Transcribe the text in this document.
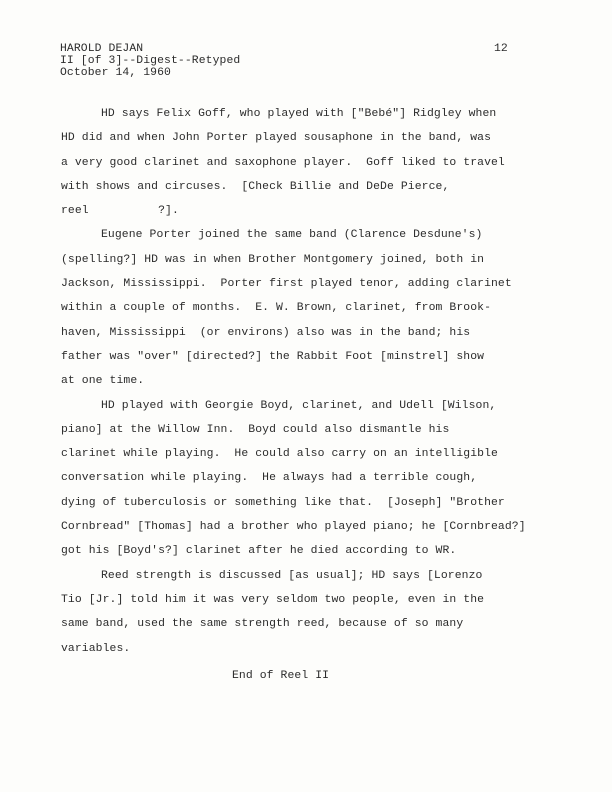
HAROLD DEJAN
II [of 3]--Digest--Retyped
October 14, 1960
12
HD says Felix Goff, who played with ["Bebé"] Ridgley when
HD did and when John Porter played sousaphone in the band, was
a very good clarinet and saxophone player.  Goff liked to travel
with shows and circuses.  [Check Billie and DeDe Pierce,
reel          ?].
Eugene Porter joined the same band (Clarence Desdune's)
(spelling?] HD was in when Brother Montgomery joined, both in
Jackson, Mississippi.  Porter first played tenor, adding clarinet
within a couple of months.  E. W. Brown, clarinet, from Brook-
haven, Mississippi  (or environs) also was in the band; his
father was "over" [directed?] the Rabbit Foot [minstrel] show
at one time.
HD played with Georgie Boyd, clarinet, and Udell [Wilson,
piano] at the Willow Inn.  Boyd could also dismantle his
clarinet while playing.  He could also carry on an intelligible
conversation while playing.  He always had a terrible cough,
dying of tuberculosis or something like that.  [Joseph] "Brother
Cornbread" [Thomas] had a brother who played piano; he [Cornbread?]
got his [Boyd's?] clarinet after he died according to WR.
Reed strength is discussed [as usual]; HD says [Lorenzo
Tio [Jr.] told him it was very seldom two people, even in the
same band, used the same strength reed, because of so many
variables.
End of Reel II
